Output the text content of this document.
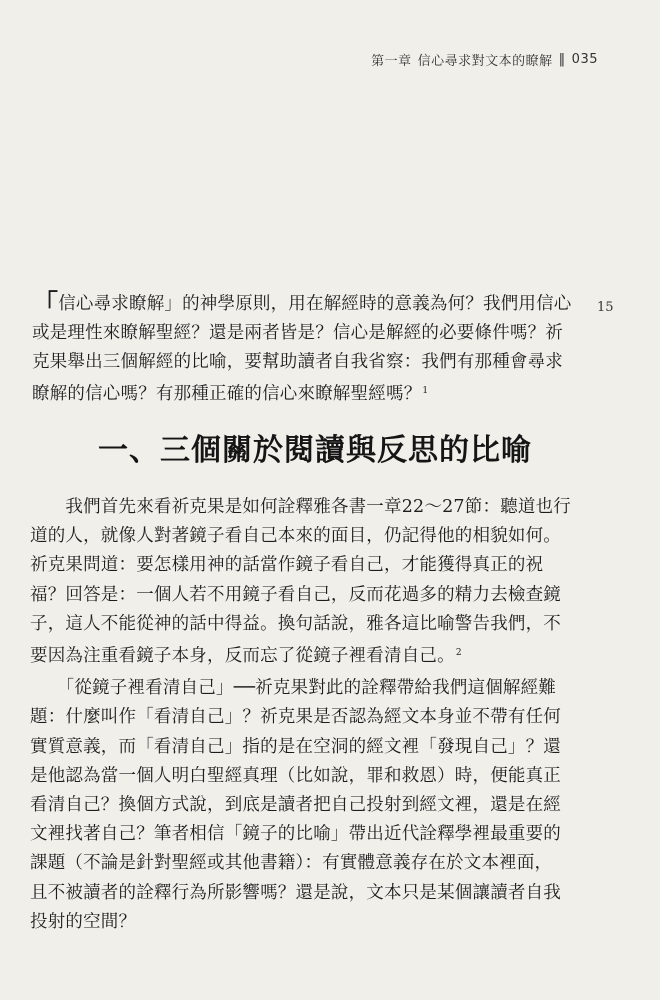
第一章 信心尋求對文本的瞭解 ‖ 035
15
「信心尋求瞭解」的神學原則，用在解經時的意義為何？我們用信心
或是理性來瞭解聖經？還是兩者皆是？信心是解經的必要條件嗎？祈
克果舉出三個解經的比喻，要幫助讀者自我省察：我們有那種會尋求
瞭解的信心嗎？有那種正確的信心來瞭解聖經嗎？$^1$
一、三個關於閱讀與反思的比喻
　　我們首先來看祈克果是如何詮釋雅各書一章22～27節：聽道也行
道的人，就像人對著鏡子看自己本來的面目，仍記得他的相貌如何。
祈克果問道：要怎樣用神的話當作鏡子看自己，才能獲得真正的祝
福？回答是：一個人若不用鏡子看自己，反而花過多的精力去檢查鏡
子，這人不能從神的話中得益。換句話說，雅各這比喻警告我們，不
要因為注重看鏡子本身，反而忘了從鏡子裡看清自己。$^2$
　　「從鏡子裡看清自己」──祈克果對此的詮釋帶給我們這個解經難
題：什麼叫作「看清自己」？祈克果是否認為經文本身並不帶有任何
實質意義，而「看清自己」指的是在空洞的經文裡「發現自己」？還
是他認為當一個人明白聖經真理（比如說，罪和救恩）時，便能真正
看清自己？換個方式說，到底是讀者把自己投射到經文裡，還是在經
文裡找著自己？筆者相信「鏡子的比喻」帶出近代詮釋學裡最重要的
課題（不論是針對聖經或其他書籍）：有實體意義存在於文本裡面，
且不被讀者的詮釋行為所影響嗎？還是說，文本只是某個讓讀者自我
投射的空間？
